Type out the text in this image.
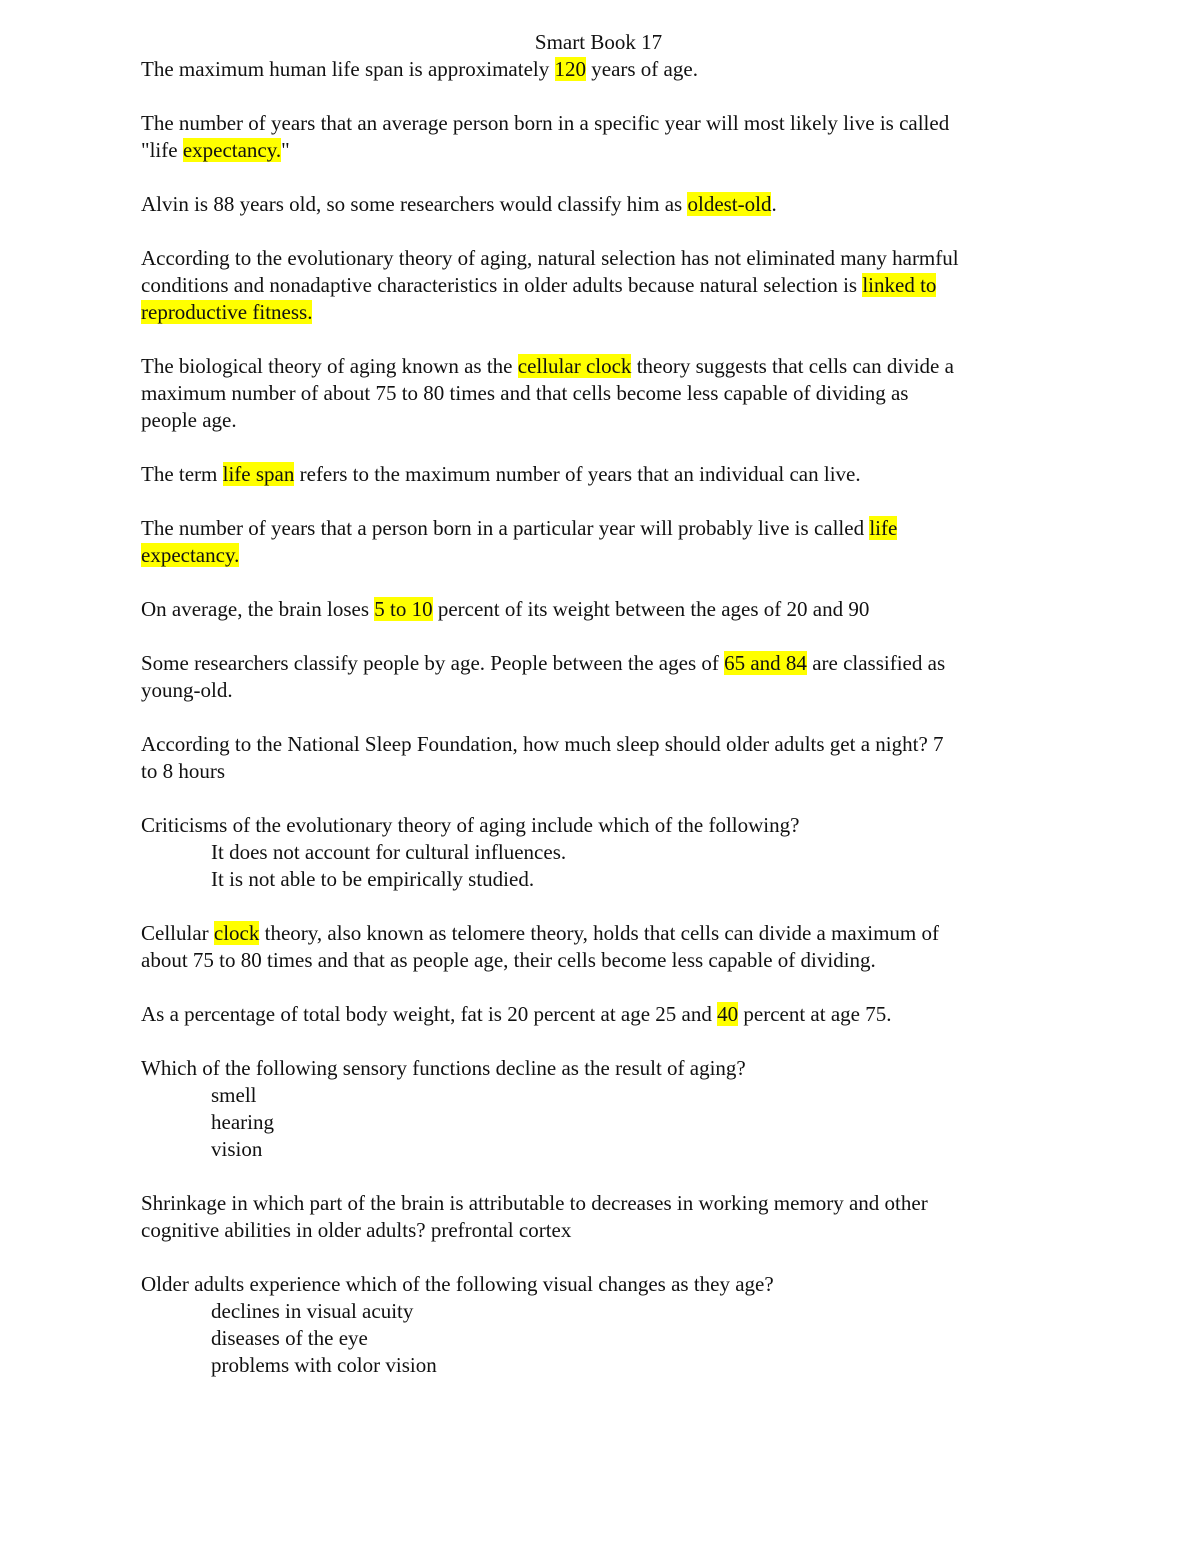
Smart Book 17

The maximum human life span is approximately 120 years of age.

The number of years that an average person born in a specific year will most likely live is called

"life expectancy."

Alvin is 88 years old, so some researchers would classify him as oldest-old.

According to the evolutionary theory of aging, natural selection has not eliminated many harmful

conditions and nonadaptive characteristics in older adults because natural selection is linked to

reproductive fitness.

The biological theory of aging known as the cellular clock theory suggests that cells can divide a

maximum number of about 75 to 80 times and that cells become less capable of dividing as

people age.

The term life span refers to the maximum number of years that an individual can live.

The number of years that a person born in a particular year will probably live is called life

expectancy.

On average, the brain loses 5 to 10 percent of its weight between the ages of 20 and 90

Some researchers classify people by age. People between the ages of 65 and 84 are classified as

young-old.

According to the National Sleep Foundation, how much sleep should older adults get a night? 7

to 8 hours

Criticisms of the evolutionary theory of aging include which of the following?

It does not account for cultural influences.

It is not able to be empirically studied.

Cellular clock theory, also known as telomere theory, holds that cells can divide a maximum of

about 75 to 80 times and that as people age, their cells become less capable of dividing.

As a percentage of total body weight, fat is 20 percent at age 25 and 40 percent at age 75.

Which of the following sensory functions decline as the result of aging?

smell

hearing

vision

Shrinkage in which part of the brain is attributable to decreases in working memory and other

cognitive abilities in older adults? prefrontal cortex

Older adults experience which of the following visual changes as they age?

declines in visual acuity

diseases of the eye

problems with color vision
